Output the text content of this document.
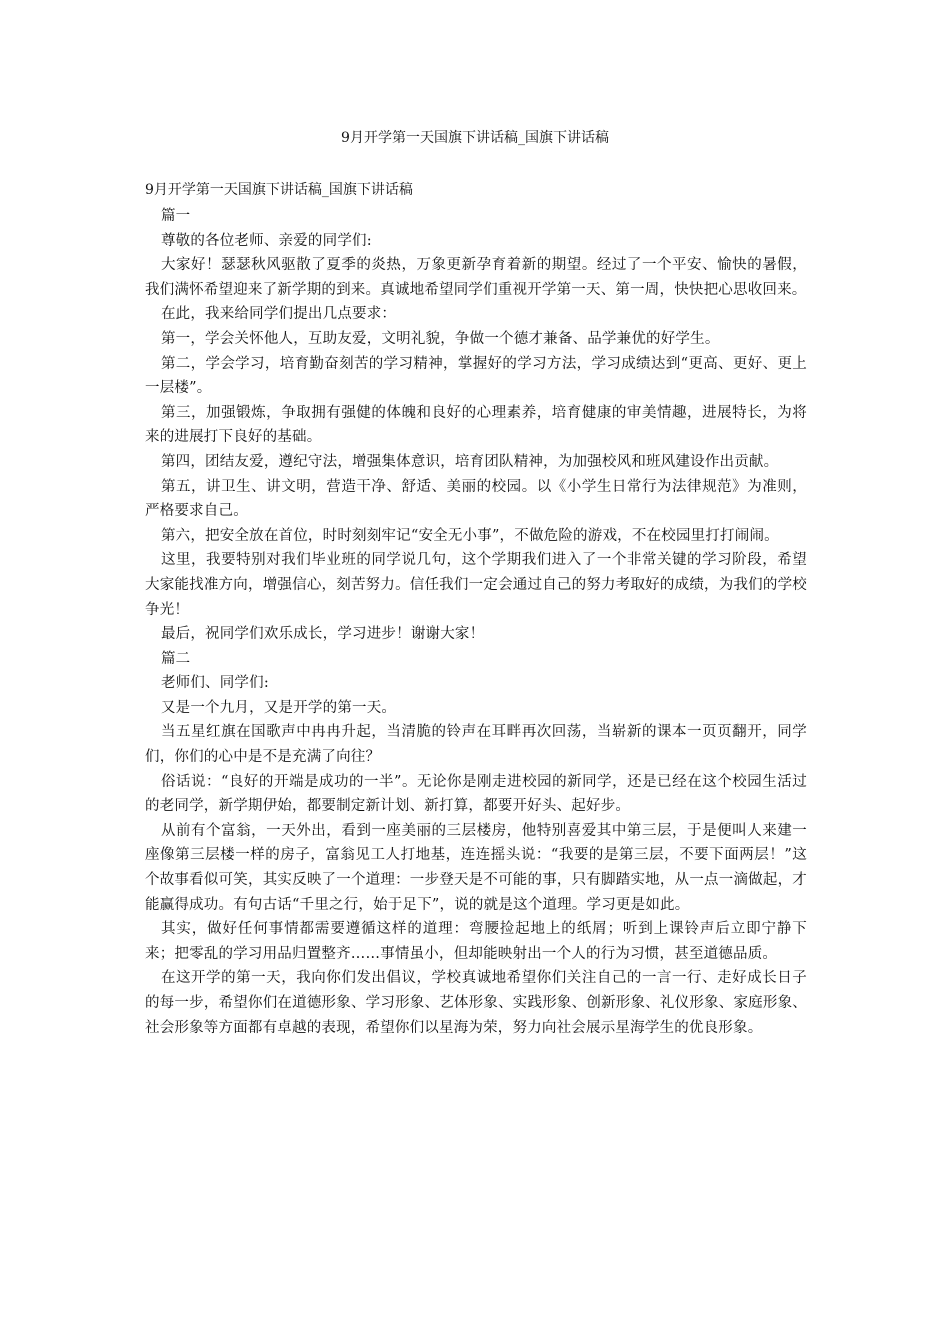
9月开学第一天国旗下讲话稿_国旗下讲话稿

9月开学第一天国旗下讲话稿_国旗下讲话稿

篇一

尊敬的各位老师、亲爱的同学们:

大家好！瑟瑟秋风驱散了夏季的炎热，万象更新孕育着新的期望。经过了一个平安、愉快的暑假，我们满怀希望迎来了新学期的到来。真诚地希望同学们重视开学第一天、第一周，快快把心思收回来。

在此，我来给同学们提出几点要求：

第一，学会关怀他人，互助友爱，文明礼貌，争做一个德才兼备、品学兼优的好学生。

第二，学会学习，培育勤奋刻苦的学习精神，掌握好的学习方法，学习成绩达到“更高、更好、更上一层楼”。

第三，加强锻炼，争取拥有强健的体魄和良好的心理素养，培育健康的审美情趣，进展特长，为将来的进展打下良好的基础。

第四，团结友爱，遵纪守法，增强集体意识，培育团队精神，为加强校风和班风建设作出贡献。

第五，讲卫生、讲文明，营造干净、舒适、美丽的校园。以《小学生日常行为法律规范》为准则，严格要求自己。

第六，把安全放在首位，时时刻刻牢记“安全无小事”，不做危险的游戏，不在校园里打打闹闹。

这里，我要特别对我们毕业班的同学说几句，这个学期我们进入了一个非常关键的学习阶段，希望大家能找准方向，增强信心，刻苦努力。信任我们一定会通过自己的努力考取好的成绩，为我们的学校争光！

最后，祝同学们欢乐成长，学习进步！谢谢大家！

篇二

老师们、同学们:

又是一个九月，又是开学的第一天。

当五星红旗在国歌声中冉冉升起，当清脆的铃声在耳畔再次回荡，当崭新的课本一页页翻开，同学们，你们的心中是不是充满了向往？

俗话说：“良好的开端是成功的一半”。无论你是刚走进校园的新同学，还是已经在这个校园生活过的老同学，新学期伊始，都要制定新计划、新打算，都要开好头、起好步。

从前有个富翁，一天外出，看到一座美丽的三层楼房，他特别喜爱其中第三层，于是便叫人来建一座像第三层楼一样的房子，富翁见工人打地基，连连摇头说：“我要的是第三层，不要下面两层！”这个故事看似可笑，其实反映了一个道理：一步登天是不可能的事，只有脚踏实地，从一点一滴做起，才能赢得成功。有句古话“千里之行，始于足下”，说的就是这个道理。学习更是如此。

其实，做好任何事情都需要遵循这样的道理：弯腰捡起地上的纸屑；听到上课铃声后立即宁静下来；把零乱的学习用品归置整齐……事情虽小，但却能映射出一个人的行为习惯，甚至道德品质。

在这开学的第一天，我向你们发出倡议，学校真诚地希望你们关注自己的一言一行、走好成长日子的每一步，希望你们在道德形象、学习形象、艺体形象、实践形象、创新形象、礼仪形象、家庭形象、社会形象等方面都有卓越的表现，希望你们以星海为荣，努力向社会展示星海学生的优良形象。
